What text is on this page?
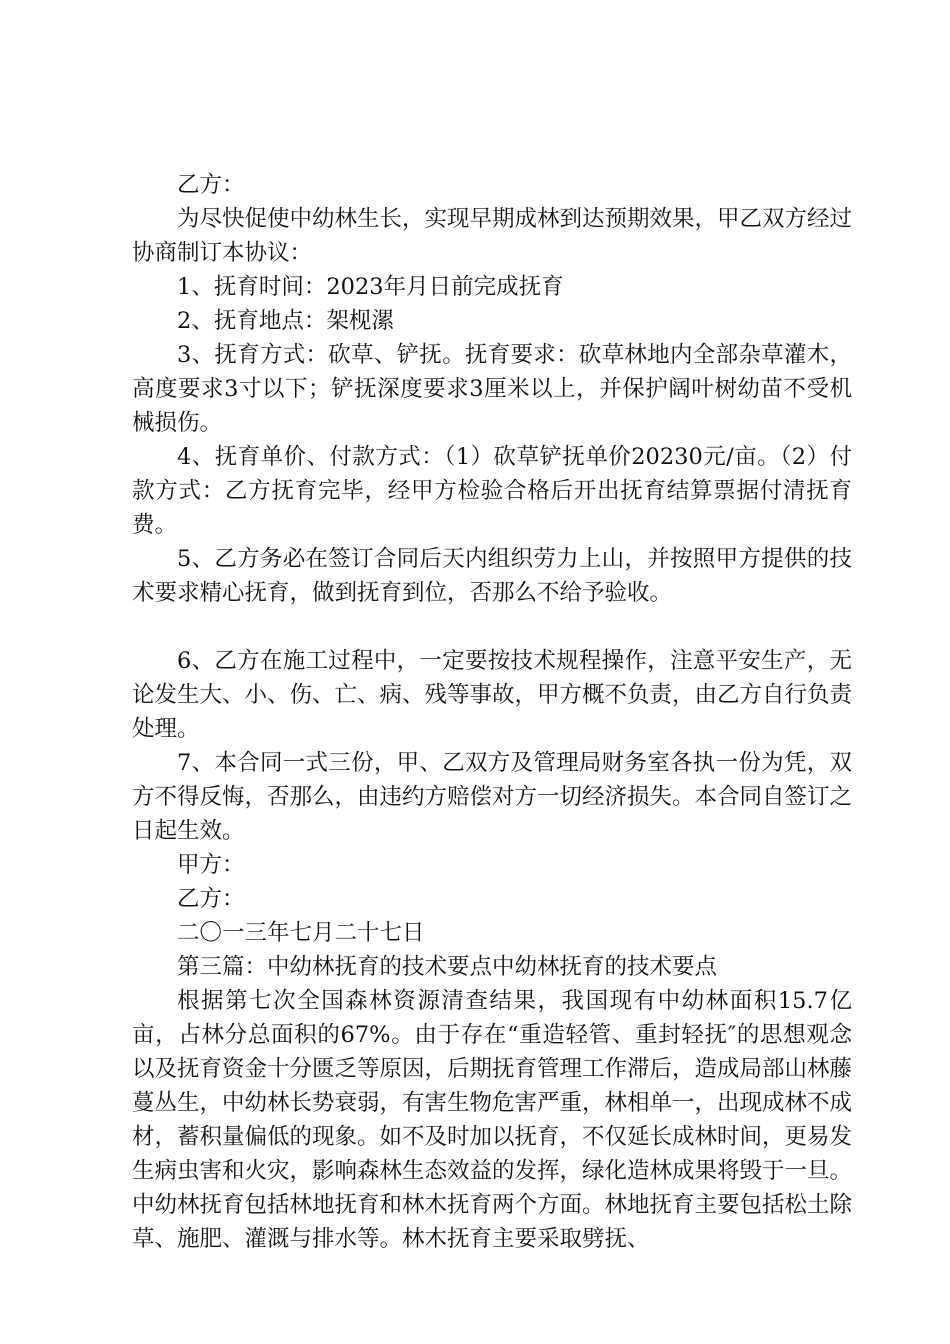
乙方：

为尽快促使中幼林生长，实现早期成林到达预期效果，甲乙双方经过协商制订本协议：

1、抚育时间：2023年月日前完成抚育

2、抚育地点：架枧漯

3、抚育方式：砍草、铲抚。抚育要求：砍草林地内全部杂草灌木，高度要求3寸以下；铲抚深度要求3厘米以上，并保护阔叶树幼苗不受机械损伤。

4、抚育单价、付款方式：（1）砍草铲抚单价20230元/亩。（2）付款方式：乙方抚育完毕，经甲方检验合格后开出抚育结算票据付清抚育费。

5、乙方务必在签订合同后天内组织劳力上山，并按照甲方提供的技术要求精心抚育，做到抚育到位，否那么不给予验收。

6、乙方在施工过程中，一定要按技术规程操作，注意平安生产，无论发生大、小、伤、亡、病、残等事故，甲方概不负责，由乙方自行负责处理。

7、本合同一式三份，甲、乙双方及管理局财务室各执一份为凭，双方不得反悔，否那么，由违约方赔偿对方一切经济损失。本合同自签订之日起生效。

甲方：

乙方：

二〇一三年七月二十七日

第三篇：中幼林抚育的技术要点中幼林抚育的技术要点

根据第七次全国森林资源清查结果，我国现有中幼林面积15.7亿亩，占林分总面积的67%。由于存在“重造轻管、重封轻抚″的思想观念以及抚育资金十分匮乏等原因，后期抚育管理工作滞后，造成局部山林藤蔓丛生，中幼林长势衰弱，有害生物危害严重，林相单一，出现成林不成材，蓄积量偏低的现象。如不及时加以抚育，不仅延长成林时间，更易发生病虫害和火灾，影响森林生态效益的发挥，绿化造林成果将毁于一旦。中幼林抚育包括林地抚育和林木抚育两个方面。林地抚育主要包括松土除草、施肥、灌溉与排水等。林木抚育主要采取劈抚、
